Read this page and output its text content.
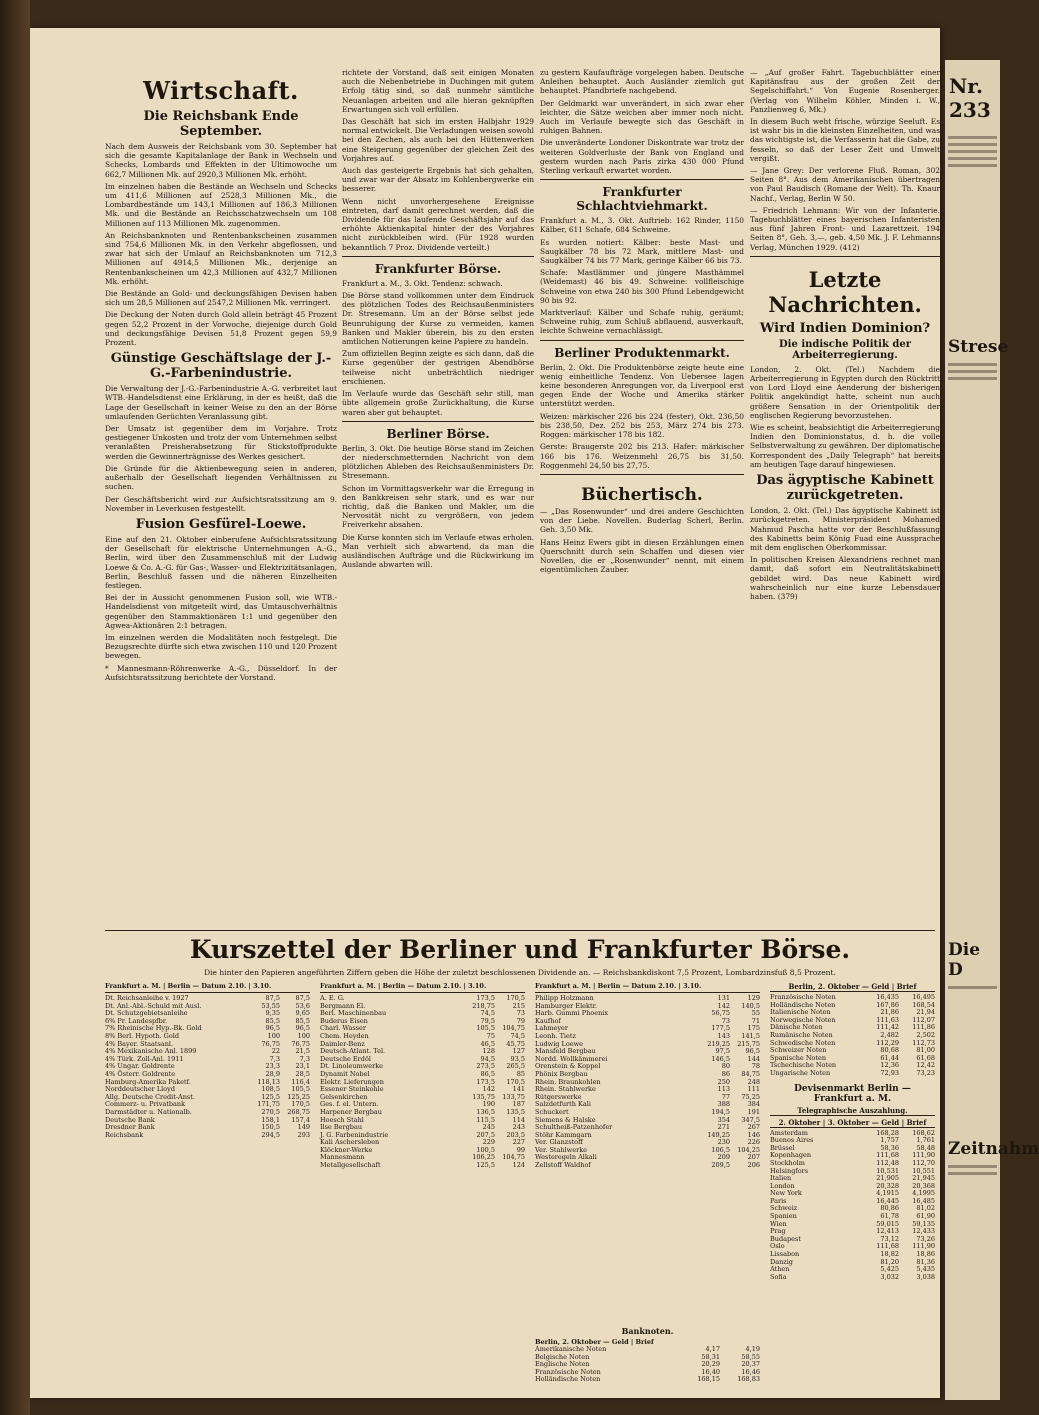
Wirtschaft.
Die Reichsbank Ende September.

Nach dem Ausweis der Reichsbank vom 30. September hat sich die gesamte Kapitalanlage der Bank in Wechseln und Schecks, Lombards und Effekten in der Ultimowoche um 662,7 Millionen Mk. auf 2920,3 Millionen Mk. erhöht.

Im einzelnen haben die Bestände an Wechseln und Schecks um 411,6 Millionen auf 2528,3 Millionen Mk., die Lombardbestände um 143,1 Millionen auf 186,3 Millionen Mk. und die Bestände an Reichsschatzwechseln um 108 Millionen auf 113 Millionen Mk. zugenommen.

An Reichsbanknoten und Rentenbankscheinen zusammen sind 754,6 Millionen Mk. in den Verkehr abgeflossen, und zwar hat sich der Umlauf an Reichsbanknoten um 712,3 Millionen auf 4914,5 Millionen Mk., derjenige an Rentenbankscheinen um 42,3 Millionen auf 432,7 Millionen Mk. erhöht.

Die Bestände an Gold- und deckungsfähigen Devisen haben sich um 28,5 Millionen auf 2547,2 Millionen Mk. verringert.

Die Deckung der Noten durch Gold allein beträgt 45 Prozent gegen 52,2 Prozent in der Vorwoche, diejenige durch Gold und deckungsfähige Devisen 51,8 Prozent gegen 59,9 Prozent.

Günstige Geschäftslage der J.-G.-Farbenindustrie.

Die Verwaltung der J.-G.-Farbenindustrie A.-G. verbreitet laut WTB.-Handelsdienst eine Erklärung, in der es heißt, daß die Lage der Gesellschaft in keiner Weise zu den an der Börse umlaufenden Gerüchten Veranlassung gibt.

Der Umsatz ist gegenüber dem im Vorjahre. Trotz gestiegener Unkosten und trotz der vom Unternehmen selbst veranlaßten Preisherabsetzung für Stickstoffprodukte werden die Gewinnerträgnisse des Werkes gesichert.

Die Gründe für die Aktienbewegung seien in anderen, außerhalb der Gesellschaft liegenden Verhältnissen zu suchen.

Der Geschäftsbericht wird zur Aufsichtsratssitzung am 9. November in Leverkusen festgestellt.

Fusion Gesfürel-Loewe.

Eine auf den 21. Oktober einberufene Aufsichtsratssitzung der Gesellschaft für elektrische Unternehmungen A.-G., Berlin, wird über den Zusammenschluß mit der Ludwig Loewe & Co. A.-G. für Gas-, Wasser- und Elektrizitätsanlagen, Berlin, Beschluß fassen und die näheren Einzelheiten festlegen.

Bei der in Aussicht genommenen Fusion soll, wie WTB.-Handelsdienst von mitgeteilt wird, das Umtauschverhältnis gegenüber den Stammaktionären 1:1 und gegenüber den Agwea-Aktionären 2:1 betragen.

Im einzelnen werden die Modalitäten noch festgelegt. Die Bezugsrechte dürfte sich etwa zwischen 110 und 120 Prozent bewegen.

* Mannesmann-Röhrenwerke A.-G., Düsseldorf. In der Aufsichtsratssitzung berichtete der Vorstand.

richtete der Vorstand, daß seit einigen Monaten auch die Nebenbetriebe in Duchingen mit gutem Erfolg tätig sind, so daß nunmehr sämtliche Neuanlagen arbeiten und alle hieran geknüpften Erwartungen sich voll erfüllen.

Das Geschäft hat sich im ersten Halbjahr 1929 normal entwickelt. Die Verladungen weisen sowohl bei den Zechen, als auch bei den Hüttenwerken eine Steigerung gegenüber der gleichen Zeit des Vorjahres auf.

Auch das gesteigerte Ergebnis hat sich gehalten, und zwar war der Absatz im Kohlenbergwerke ein besserer.

Wenn nicht unvorhergesehene Ereignisse eintreten, darf damit gerechnet werden, daß die Dividende für das laufende Geschäftsjahr auf das erhöhte Aktienkapital hinter der des Vorjahres nicht zurückbleiben wird. (Für 1928 wurden bekanntlich 7 Proz. Dividende verteilt.)

Frankfurter Börse.

Frankfurt a. M., 3. Okt. Tendenz: schwach.

Die Börse stand vollkommen unter dem Eindruck des plötzlichen Todes des Reichsaußenministers Dr. Stresemann. Um an der Börse selbst jede Beunruhigung der Kurse zu vermeiden, kamen Banken und Makler überein, bis zu den ersten amtlichen Notierungen keine Papiere zu handeln.

Zum offiziellen Beginn zeigte es sich dann, daß die Kurse gegenüber der gestrigen Abendbörse teilweise nicht unbeträchtlich niedriger erschienen.

Im Verlaufe wurde das Geschäft sehr still, man übte allgemein große Zurückhaltung, die Kurse waren aber gut behauptet.

Berliner Börse.

Berlin, 3. Okt. Die heutige Börse stand im Zeichen der niederschmetternden Nachricht von dem plötzlichen Ableben des Reichsaußenministers Dr. Stresemann.

Schon im Vormittagsverkehr war die Erregung in den Bankkreisen sehr stark, und es war nur richtig, daß die Banken und Makler, um die Nervosität nicht zu vergrößern, von jedem Freiverkehr absahen.

Die Kurse konnten sich im Verlaufe etwas erholen. Man verhielt sich abwartend, da man die ausländischen Aufträge und die Rückwirkung im Auslande abwarten will.

zu gestern Kaufaufträge vorgelegen haben. Deutsche Anleihen behauptet. Auch Ausländer ziemlich gut behauptet. Pfandbriefe nachgebend.

Der Geldmarkt war unverändert, in sich zwar eher leichter, die Sätze weichen aber immer noch nicht. Auch im Verlaufe bewegte sich das Geschäft in ruhigen Bahnen.

Die unveränderte Londoner Diskontrate war trotz der weiteren Goldverluste der Bank von England und gestern wurden nach Paris zirka 430 000 Pfund Sterling verkauft erwartet worden.

Frankfurter Schlachtviehmarkt.

Frankfurt a. M., 3. Okt. Auftrieb: 162 Rinder, 1150 Kälber, 611 Schafe, 684 Schweine.

Es wurden notiert: Kälber: beste Mast- und Saugkälber 78 bis 72 Mark, mittlere Mast- und Saugkälber 74 bis 77 Mark, geringe Kälber 66 bis 73.

Schafe: Mastlämmer und jüngere Masthämmel (Weidemast) 46 bis 49. Schweine: vollfleischige Schweine von etwa 240 bis 300 Pfund Lebendgewicht 90 bis 92.

Marktverlauf: Kälber und Schafe ruhig, geräumt; Schweine ruhig, zum Schluß abflauend, ausverkauft, leichte Schweine vernachlässigt.

Berliner Produktenmarkt.

Berlin, 2. Okt. Die Produktenbörse zeigte heute eine wenig einheitliche Tendenz. Von Uebersee lagen keine besonderen Anregungen vor, da Liverpool erst gegen Ende der Woche und Amerika stärker unterstützt werden.

Weizen: märkischer 226 bis 224 (fester), Okt. 236,50 bis 238,50, Dez. 252 bis 253, März 274 bis 273. Roggen: märkischer 178 bis 182.

Gerste: Braugerste 202 bis 213. Hafer: märkischer 166 bis 176. Weizenmehl 26,75 bis 31,50. Roggenmehl 24,50 bis 27,75.

Büchertisch.

— „Das Rosenwunder“ und drei andere Geschichten von der Liebe. Novellen. Buderlag Scherl, Berlin. Geh. 3,50 Mk.

Hans Heinz Ewers gibt in diesen Erzählungen einen Querschnitt durch sein Schaffen und diesen vier Novellen, die er „Rosenwunder“ nennt, mit einem eigentümlichen Zauber.

— „Auf großer Fahrt. Tagebuchblätter einer Kapitänsfrau aus der großen Zeit der Segelschiffahrt.“ Von Eugenie Rosenberger. (Verlag von Wilhelm Köhler, Minden i. W., Panzlienweg 6, Mk.)

In diesem Buch weht frische, würzige Seeluft. Es ist wahr bis in die kleinsten Einzelheiten, und was das wichtigste ist, die Verfasserin hat die Gabe, zu fesseln, so daß der Leser Zeit und Umwelt vergißt.

— Jane Grey: Der verlorene Fluß. Roman, 302 Seiten 8°. Aus dem Amerikanischen übertragen von Paul Baudisch (Romane der Welt). Th. Knaur Nachf., Verlag, Berlin W 50.

— Friedrich Lehmann: Wir von der Infanterie. Tagebuchblätter eines bayerischen Infanteristen aus fünf Jahren Front- und Lazarettzeit. 194 Seiten 8°, Geh. 3,—, geb. 4,50 Mk. J. F. Lehmanns Verlag, München 1929. (412)

Letzte Nachrichten.
Wird Indien Dominion?
Die indische Politik der Arbeiterregierung.

London, 2. Okt. (Tel.) Nachdem die Arbeiterregierung in Egypten durch den Rücktritt von Lord Lloyd eine Aenderung der bisherigen Politik angekündigt hatte, scheint nun auch größere Sensation in der Orientpolitik der englischen Regierung bevorzustehen.

Wie es scheint, beabsichtigt die Arbeiterregierung Indien den Dominionstatus, d. h. die volle Selbstverwaltung zu gewähren. Der diplomatische Korrespondent des „Daily Telegraph“ hat bereits am heutigen Tage darauf hingewiesen.

Das ägyptische Kabinett zurückgetreten.

London, 2. Okt. (Tel.) Das ägyptische Kabinett ist zurückgetreten. Ministerpräsident Mohamed Mahmud Pascha hatte vor der Beschlußfassung des Kabinetts beim König Fuad eine Aussprache mit dem englischen Oberkommissar.

In politischen Kreisen Alexandriens rechnet man damit, daß sofort ein Neutralitätskabinett gebildet wird. Das neue Kabinett wird wahrscheinlich nur eine kurze Lebensdauer haben. (379)

Kurszettel der Berliner und Frankfurter Börse.
Die hinter den Papieren angeführten Ziffern geben die Höhe der zuletzt beschlossenen Dividende an. — Reichsbankdiskont 7,5 Prozent, Lombardzinsfuß 8,5 Prozent.
Frankfurt a. M. | Berlin — Datum 2.10. | 3.10.
Dt. Reichsanleihe v. 1927	87,5	87,5
Dt. Anl.-Abl.-Schuld mit Ausl.	53,55	53,6
Dt. Schutzgebietsanleihe	9,35	9,65
6% Pr. Landespfbr.	85,5	85,5
7% Rheinische Hyp.-Bk. Gold	96,5	96,5
8% Berl. Hypoth. Gold	100	100
4% Bayer. Staatsanl.	76,75	76,75
4% Mexikanische Anl. 1899	22	21,5
4% Türk. Zoll-Anl. 1911	7,3	7,3
4% Ungar. Goldrente	23,3	23,1
4% Österr. Goldrente	28,9	28,5
Hamburg-Amerika Paketf.	118,13	116,4
Norddeutscher Lloyd	108,5	105,5
Allg. Deutsche Credit-Anst.	125,5	125,25
Commerz- u. Privatbank	171,75	170,5
Darmstädter u. Nationalb.	270,5	268,75
Deutsche Bank	158,1	157,4
Dresdner Bank	150,5	149
Reichsbank	294,5	293
Frankfurt a. M. | Berlin — Datum 2.10. | 3.10.
A. E. G.	173,5	170,5
Bergmann El.	218,75	215
Berl. Maschinenbau	74,5	73
Buderus Eisen	79,5	79
Charl. Wasser	105,5	104,75
Chem. Heyden	75	74,5
Daimler-Benz	46,5	45,75
Deutsch-Atlant. Tel.	128	127
Deutsche Erdöl	94,5	93,5
Dt. Linoleumwerke	273,5	265,5
Dynamit Nobel	86,5	85
Elektr. Lieferungen	173,5	170,5
Essener Steinkohle	142	141
Gelsenkirchen	135,75	133,75
Ges. f. el. Untern.	190	187
Harpener Bergbau	136,5	135,5
Hoesch Stahl	115,5	114
Ilse Bergbau	245	243
J. G. Farbenindustrie	207,5	203,5
Kali Aschersleben	229	227
Klöckner-Werke	100,5	99
Mannesmann	106,25	104,75
Metallgesellschaft	125,5	124
Frankfurt a. M. | Berlin — Datum 2.10. | 3.10.
Philipp Holzmann	131	129
Hamburger Elektr.	142	140,5
Harb. Gummi Phoenix	56,75	55
Kaufhof	73	71
Lahmeyer	177,5	175
Leonh. Tietz	143	141,5
Ludwig Loewe	219,25	215,75
Mansfeld Bergbau	97,5	96,5
Nordd. Wollkämmerei	146,5	144
Orenstein & Koppel	80	78
Phönix Bergbau	86	84,75
Rhein. Braunkohlen	250	248
Rhein. Stahlwerke	113	111
Rütgerswerke	77	75,25
Salzdetfurth Kali	388	384
Schuckert	194,5	191
Siemens & Halske	354	347,5
Schultheiß-Patzenhofer	271	267
Stöhr Kammgarn	149,25	146
Ver. Glanzstoff	230	226
Ver. Stahlwerke	106,5	104,25
Westeregeln Alkali	209	207
Zellstoff Waldhof	209,5	206
Banknoten.
Berlin, 2. Oktober — Geld | Brief
Amerikanische Noten	4,17	4,19
Belgische Noten	58,31	58,55
Englische Noten	20,29	20,37
Französische Noten	16,40	16,46
Holländische Noten	168,15	168,83
Berlin, 2. Oktober — Geld | Brief
Französische Noten	16,435	16,495
Holländische Noten	167,86	168,54
Italienische Noten	21,86	21,94
Norwegische Noten	111,63	112,07
Dänische Noten	111,42	111,86
Rumänische Noten	2,482	2,502
Schwedische Noten	112,29	112,73
Schweizer Noten	80,68	81,00
Spanische Noten	61,44	61,68
Tschechische Noten	12,36	12,42
Ungarische Noten	72,93	73,23
Devisenmarkt Berlin — Frankfurt a. M.
Telegraphische Auszahlung.
2. Oktober | 3. Oktober — Geld | Brief
Amsterdam	168,28	168,62
Buenos Aires	1,757	1,761
Brüssel	58,36	58,48
Kopenhagen	111,68	111,90
Stockholm	112,48	112,70
Helsingfors	10,531	10,551
Italien	21,905	21,945
London	20,328	20,368
New York	4,1915	4,1995
Paris	16,445	16,485
Schweiz	80,86	81,02
Spanien	61,78	61,90
Wien	59,015	59,135
Prag	12,413	12,433
Budapest	73,12	73,26
Oslo	111,68	111,90
Lissabon	18,82	18,86
Danzig	81,20	81,36
Athen	5,425	5,435
Sofia	3,032	3,038
Nr. 233
Strese
Die D
Zeitnahm
